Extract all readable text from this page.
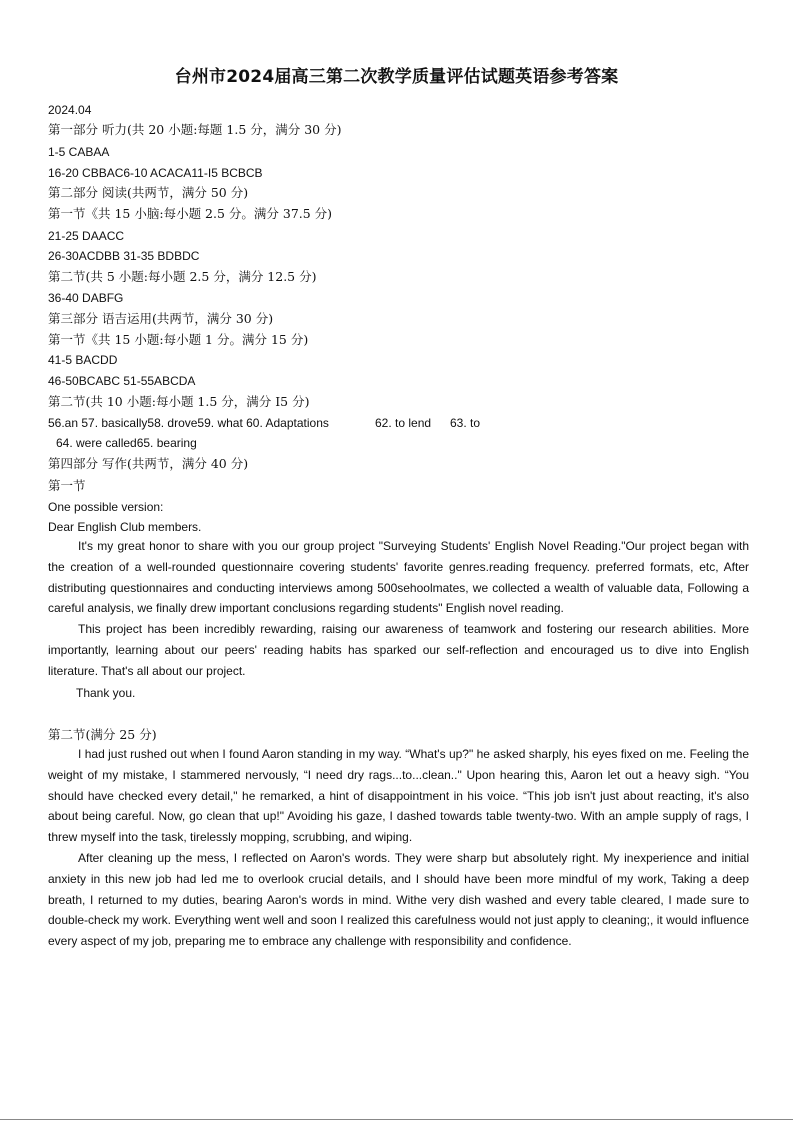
台州市2024届高三第二次教学质量评估试题英语参考答案
2024.04
第一部分 听力(共 20 小题:每题 1.5 分，满分 30 分)
1-5 CABAA
16-20 CBBAC6-10 ACACA11-I5 BCBCB
第二部分 阅读(共两节，满分 50 分)
第一节《共 15 小脑:每小题 2.5 分。满分 37.5 分)
21-25 DAACC
26-30ACDBB 31-35 BDBDC
第二节(共 5 小题:每小题 2.5 分，满分 12.5 分)
36-40 DABFG
第三部分 语吉运用(共两节，满分 30 分)
第一节《共 15 小题:每小题 1 分。满分 15 分)
41-5 BACDD
46-50BCABC 51-55ABCDA
第二节(共 10 小题:每小题 1.5 分，满分 I5 分)
56.an 57. basically58. drove59. what 60. Adaptations	62. to lend 63. to
64. were called65. bearing
第四部分 写作(共两节，满分 40 分)
第一节
One possible version:
Dear English Club members.

It's my great honor to share with you our group project "Surveying Students' English Novel Reading."Our project began with the creation of a well-rounded questionnaire covering students' favorite genres.reading frequency. preferred formats, etc, After distributing questionnaires and conducting interviews among 500sehoolmates, we collected a wealth of valuable data, Following a careful analysis, we finally drew important conclusions regarding students" English novel reading.

This project has been incredibly rewarding, raising our awareness of teamwork and fostering our research abilities. More importantly, learning about our peers' reading habits has sparked our self-reflection and encouraged us to dive into English literature. That's all about our project.

Thank you.
第二节(满分 25 分)

I had just rushed out when I found Aaron standing in my way. “What's up?" he asked sharply, his eyes fixed on me. Feeling the weight of my mistake, I stammered nervously, “I need dry rags...to...clean.." Upon hearing this, Aaron let out a heavy sigh. “You should have checked every detail," he remarked, a hint of disappointment in his voice. “This job isn't just about reacting, it's also about being careful. Now, go clean that up!" Avoiding his gaze, I dashed towards table twenty-two. With an ample supply of rags, I threw myself into the task, tirelessly mopping, scrubbing, and wiping.

After cleaning up the mess, I reflected on Aaron's words. They were sharp but absolutely right. My inexperience and initial anxiety in this new job had led me to overlook crucial details, and I should have been more mindful of my work, Taking a deep breath, I returned to my duties, bearing Aaron's words in mind. Withe very dish washed and every table cleared, I made sure to double-check my work. Everything went well and soon I realized this carefulness would not just apply to cleaning;, it would influence every aspect of my job, preparing me to embrace any challenge with responsibility and confidence.
